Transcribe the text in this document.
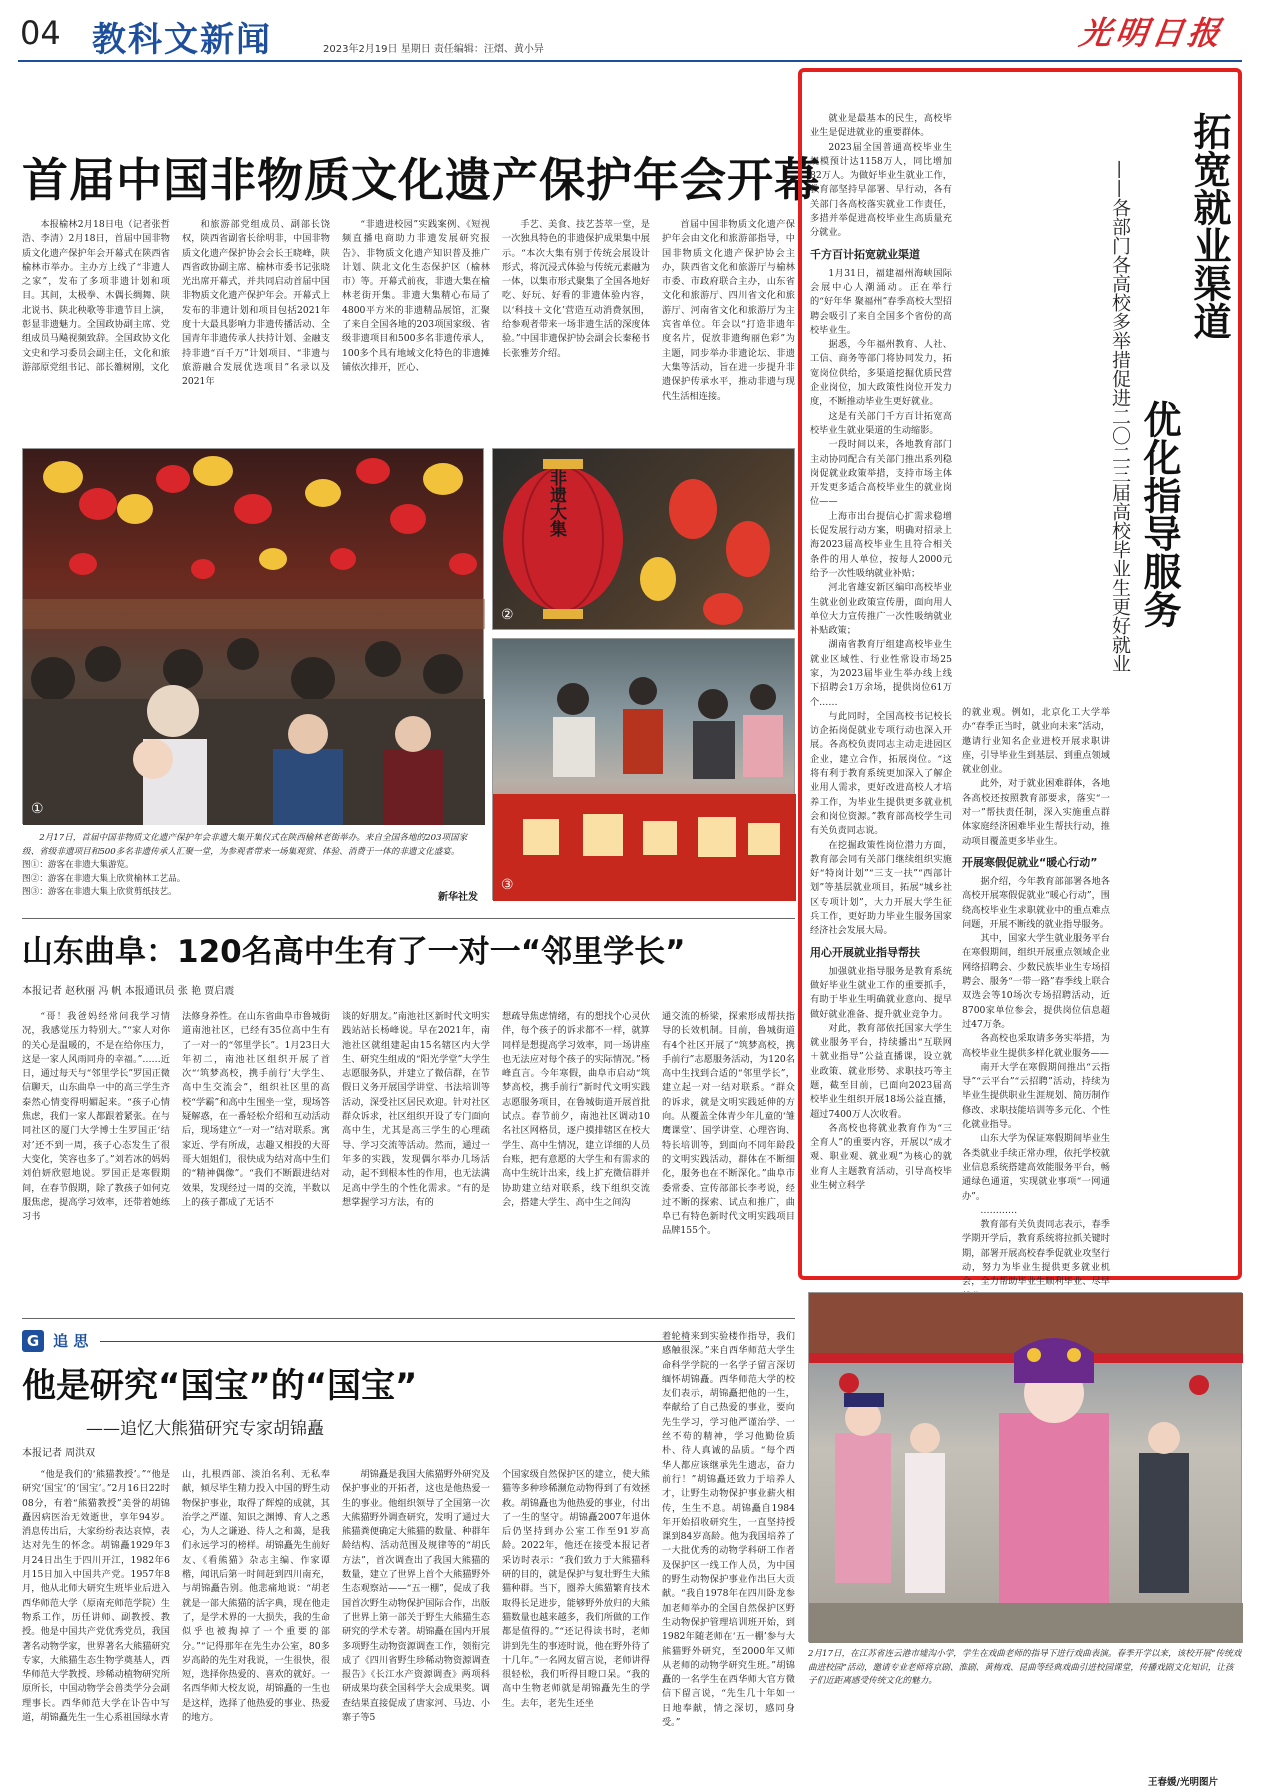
04 教科文新闻	2023年2月19日 星期日 责任编辑：汪熠、黄小异	光明日报
首届中国非物质文化遗产保护年会开幕

本报榆林2月18日电（记者张哲浩、李清）2月18日，首届中国非物质文化遗产保护年会开幕式在陕西省榆林市举办。主办方上线了“非遗人之家”，发布了多项非遗计划和项目。其间，太极拳、木偶长绸舞、陕北说书、陕北秧歌等非遗节目上演，彰显非遗魅力。全国政协副主席、党组成员马飚视频致辞。全国政协文化文史和学习委员会副主任，文化和旅游部原党组书记、部长雒树刚，文化

和旅游部党组成员、副部长饶权，陕西省副省长徐明非，中国非物质文化遗产保护协会会长王晓峰，陕西省政协副主席、榆林市委书记张晓光出席开幕式，并共同启动首届中国非物质文化遗产保护年会。开幕式上发布的非遗计划和项目包括2021年度十大最具影响力非遗传播活动、全国青年非遗传承人扶持计划、金融支持非遗“百千万”计划项目、“非遗与旅游融合发展优选项目”名录以及2021年

“非遗进校园”实践案例、《短视频直播电商助力非遗发展研究报告》、非物质文化遗产知识普及推广计划、陕北文化生态保护区（榆林市）等。开幕式前夜，非遗大集在榆林老街开集。非遗大集精心布局了4800平方米的非遗精品展馆，汇聚了来自全国各地的203项国家级、省级非遗项目和500多名非遗传承人，100多个具有地域文化特色的非遗摊铺依次排开，匠心、

手艺、美食、技艺荟萃一堂，是一次独具特色的非遗保护成果集中展示。“本次大集有别于传统会展设计形式，将沉浸式体验与传统元素融为一体，以集市形式聚集了全国各地好吃、好玩、好看的非遗体验内容，以‘科技＋文化’营造互动消费氛围，给参观者带来一场非遗生活的深度体验。”中国非遗保护协会副会长秦秘书长张雅芳介绍。

首届中国非物质文化遗产保护年会由文化和旅游部指导，中国非物质文化遗产保护协会主办，陕西省文化和旅游厅与榆林市委、市政府联合主办，山东省文化和旅游厅、四川省文化和旅游厅、河南省文化和旅游厅为主宾省单位。年会以“打造非遗年度名片，促放非遗绚丽色彩”为主题，同步举办非遗论坛、非遗大集等活动，旨在进一步提升非遗保护传承水平，推动非遗与现代生活相连接。

①
非遗大集
②
③
2月17日，首届中国非物质文化遗产保护年会非遗大集开集仪式在陕西榆林老街举办。来自全国各地的203项国家级、省级非遗项目和500多名非遗传承人汇聚一堂，为参观者带来一场集观赏、体验、消费于一体的非遗文化盛宴。
图①：游客在非遗大集游览。
图②：游客在非遗大集上欣赏榆林工艺品。
图③：游客在非遗大集上欣赏剪纸技艺。	新华社发
拓宽就业渠道
优化指导服务
——各部门各高校多举措促进二〇二三届高校毕业生更好就业

就业是最基本的民生，高校毕业生是促进就业的重要群体。

2023届全国普通高校毕业生规模预计达1158万人，同比增加82万人。为做好毕业生就业工作，教育部坚持早部署、早行动，各有关部门各高校落实就业工作责任，多措并举促进高校毕业生高质量充分就业。

千方百计拓宽就业渠道

1月31日，福建福州海峡国际会展中心人潮涌动。正在举行的“好年华 聚福州”春季高校大型招聘会吸引了来自全国多个省份的高校毕业生。

据悉，今年福州教育、人社、工信、商务等部门将协同发力，拓宽岗位供给，多渠道挖掘优质民营企业岗位，加大政策性岗位开发力度，不断推动毕业生更好就业。

这是有关部门千方百计拓宽高校毕业生就业渠道的生动缩影。

一段时间以来，各地教育部门主动协同配合有关部门推出系列稳岗促就业政策举措，支持市场主体开发更多适合高校毕业生的就业岗位——

上海市出台提信心扩需求稳增长促发展行动方案，明确对招录上海2023届高校毕业生且符合相关条件的用人单位，按每人2000元给予一次性吸纳就业补贴；

河北省雄安新区编印高校毕业生就业创业政策宣传册，面向用人单位大力宣传推广一次性吸纳就业补贴政策；

湖南省教育厅组建高校毕业生就业区域性、行业性常设市场25家，为2023届毕业生举办线上线下招聘会1万余场，提供岗位61万个……

与此同时，全国高校书记校长访企拓岗促就业专项行动也深入开展。各高校负责同志主动走进园区企业，建立合作，拓展岗位。“这将有利于教育系统更加深入了解企业用人需求，更好改进高校人才培养工作，为毕业生提供更多就业机会和岗位资源。”教育部高校学生司有关负责同志说。

在挖掘政策性岗位潜力方面，教育部会同有关部门继续组织实施好“特岗计划”“三支一扶”“西部计划”等基层就业项目，拓展“城乡社区专项计划”，大力开展大学生征兵工作，更好助力毕业生服务国家经济社会发展大局。

用心开展就业指导帮扶

加强就业指导服务是教育系统做好毕业生就业工作的重要抓手，有助于毕业生明确就业意向、提早做好就业准备、提升就业竞争力。

对此，教育部依托国家大学生就业服务平台，持续播出“互联网＋就业指导”公益直播课，设立就业政策、就业形势、求职技巧等主题，截至目前，已面向2023届高校毕业生组织开展18场公益直播，超过7400万人次收看。

各高校也将就业教育作为“三全育人”的重要内容，开展以“成才观、职业观、就业观”为核心的就业育人主题教育活动，引导高校毕业生树立科学

的就业观。例如，北京化工大学举办“春季正当时，就业向未来”活动，邀请行业知名企业进校开展求职讲座，引导毕业生到基层、到重点领域就业创业。

此外，对于就业困难群体，各地各高校还按照教育部要求，落实“一对一”帮扶责任制，深入实施重点群体家庭经济困难毕业生帮扶行动，推动项目覆盖更多毕业生。

开展寒假促就业“暖心行动”

据介绍，今年教育部部署各地各高校开展寒假促就业“暖心行动”，围绕高校毕业生求职就业中的重点难点问题，开展不断线的就业指导服务。

其中，国家大学生就业服务平台在寒假期间，组织开展重点领域企业网络招聘会、少数民族毕业生专场招聘会、服务“一带一路”春季线上联合双选会等10场次专场招聘活动，近8700家单位参会，提供岗位信息超过47万条。

各高校也采取请多务实举措，为高校毕业生提供多样化就业服务——

南开大学在寒假期间推出“云指导”“云平台”“云招聘”活动，持续为毕业生提供职业生涯规划、简历制作修改、求职技能培训等多元化、个性化就业指导。

山东大学为保证寒假期间毕业生各类就业手续正常办理，依托学校就业信息系统搭建高效能服务平台，畅通绿色通道，实现就业事项“一网通办”。

…………

教育部有关负责同志表示，春季学期开学后，教育系统将拉抓关键时期，部署开展高校春季促就业攻坚行动，努力为毕业生提供更多就业机会，全力帮助毕业生顺利毕业、尽早

山东曲阜：120名高中生有了一对一“邻里学长”
本报记者 赵秋丽 冯 帆 本报通讯员 张 艳 贾启震

“哥！我爸妈经常问我学习情况，我感觉压力特别大。”“家人对你的关心是温暖的，不是在给你压力，这是一家人风雨同舟的幸福。”……近日，通过每天与“邻里学长”罗国正微信聊天，山东曲阜一中的高三学生齐泰然心情变得明媚起来。“孩子心情焦虑，我们一家人都跟着紧张。在与同社区的厦门大学博士生罗国正‘结对’还不到一周，孩子心态发生了很大变化，笑容也多了。”刘若冰的妈妈刘伯妍欣慰地说。罗国正是寒假期间，在春节假期，除了教孩子如何克服焦虑，提高学习效率，还带着她练习书

法修身养性。在山东省曲阜市鲁城街道南池社区，已经有35位高中生有了一对一的“邻里学长”。1月23日大年初二，南池社区组织开展了首次“‘筑梦高校，携手前行’大学生、高中生交流会”，组织社区里的高校“学霸”和高中生围坐一堂，现场答疑解惑，在一番轻松介绍和互动活动后，现场建立“一对一”结对联系。寓家近、学有所成，志趣又相投的大哥哥大姐姐们，很快成为结对高中生们的“精神偶像”。“我们不断跟进结对效果，发现经过一周的交流，半数以上的孩子都成了无话不

谈的好朋友。”南池社区新时代文明实践站站长杨峰说。早在2021年，南池社区就组建起由15名辖区内大学生、研究生组成的“阳光学堂”大学生志愿服务队，并建立了微信群，在节假日义务开展国学讲堂、书法培训等活动，深受社区居民欢迎。针对社区群众诉求，社区组织开设了专门面向高中生，尤其是高三学生的心理疏导、学习交流等活动。然而，通过一年多的实践，发现偶尔举办几场活动，起不到根本性的作用，也无法满足高中学生的个性化需求。“有的是想掌握学习方法，有的

想疏导焦虑情绪，有的想找个心灵伙伴，每个孩子的诉求都不一样，就算同样是想提高学习效率，同一场讲座也无法应对每个孩子的实际情况。”杨峰直言。今年寒假，曲阜市启动“筑梦高校，携手前行”新时代文明实践志愿服务项目，在鲁城街道开展首批试点。春节前夕，南池社区调动10名社区网格员，逐户摸排辖区在校大学生、高中生情况，建立详细的人员台账，把有意愿的大学生和有需求的高中生统计出来，线上扩充微信群并协助建立结对联系，线下组织交流会，搭建大学生、高中生之间沟

通交流的桥梁，探索形成帮扶指导的长效机制。目前，鲁城街道有4个社区开展了“筑梦高校，携手前行”志愿服务活动，为120名高中生找到合适的“邻里学长”，建立起一对一结对联系。“群众的诉求，就是文明实践延伸的方向。从覆盖全体青少年儿童的‘雏鹰课堂’、国学讲堂、心理咨询、特长培训等，到面向不同年龄段的文明实践活动，群体在不断细化，服务也在不断深化。”曲阜市委常委、宣传部部长李考说，经过不断的探索、试点和推广，曲阜已有特色新时代文明实践项目品牌155个。

G 追 思
他是研究“国宝”的“国宝”
——追忆大熊猫研究专家胡锦矗
本报记者 周洪双

“他是我们的‘熊猫教授’。”“他是研究‘国宝’的‘国宝’。”2月16日22时08分，有着“熊猫教授”美誉的胡锦矗因病医治无效逝世，享年94岁。消息传出后，大家纷纷表达哀悼，表达对先生的怀念。胡锦矗1929年3月24日出生于四川开江，1982年6月15日加入中国共产党。1957年8月，他从北师大研究生班毕业后进入西华师范大学（原南充师范学院）生物系工作，历任讲师、副教授、教授。他是中国共产党优秀党员，我国著名动物学家，世界著名大熊猫研究专家，大熊猫生态生物学奠基人，西华师范大学教授、珍稀动植物研究所原所长，中国动物学会兽类学分会副理事长。西华师范大学在讣告中写道，胡锦矗先生一生心系祖国绿水青

山，扎根西部、淡泊名利、无私奉献，倾尽毕生精力投入中国的野生动物保护事业，取得了辉煌的成就，其治学之严谨、知识之渊博、育人之悉心，为人之谦逊、待人之和蔼，是我们永远学习的榜样。胡锦矗先生前好友、《看熊猫》杂志主编、作家谭楷，闻讯后第一时间赶到四川南充，与胡锦矗告别。他悲痛地说：“胡老就是一部大熊猫的活字典，现在他走了，是学术界的一大损失，我的生命似乎也被掏掉了一个重要的部分。”“记得那年在先生办公室，80多岁高龄的先生对我说，一生很快，很短，选择你热爱的、喜欢的就好。一名西华师大校友说，胡锦矗的一生也是这样，选择了他热爱的事业、热爱的地方。

胡锦矗是我国大熊猫野外研究及保护事业的开拓者，这也是他热爱一生的事业。他组织领导了全国第一次大熊猫野外调查研究，发明了通过大熊猫粪便确定大熊猫的数量、种群年龄结构、活动范围及规律等的“胡氏方法”，首次调查出了我国大熊猫的数量，建立了世界上首个大熊猫野外生态观察站——“五一棚”，促成了我国首次野生动物保护国际合作，出版了世界上第一部关于野生大熊猫生态研究的学术专著。胡锦矗在国内开展多项野生动物资源调查工作，领衔完成了《四川省野生珍稀动物资源调查报告》《长江水产资源调查》两项科研成果均获全国科学大会成果奖。调查结果直接促成了唐家河、马边、小寨子等5

个国家级自然保护区的建立，使大熊猫等多种珍稀濒危动物得到了有效拯救。胡锦矗也为他热爱的事业，付出了一生的坚守。胡锦矗2007年退休后仍坚持到办公室工作至91岁高龄。2022年，他还在接受本报记者采访时表示：“我们致力于大熊猫科研的目的，就是保护与复壮野生大熊猫种群。当下，圈养大熊猫繁育技术取得长足进步，能够野外放归的大熊猫数量也越来越多，我们所做的工作都是值得的。”“还记得读书时，老师讲到先生的事迹时说，他在野外待了十几年。”一名网友留言说，老师讲得很轻松，我们听得目瞪口呆。“我的高中生物老师就是胡锦矗先生的学生。去年，老先生还坐

着轮椅来到实验楼作指导，我们感触很深。”来自西华师范大学生命科学学院的一名学子留言深切缅怀胡锦矗。西华师范大学的校友们表示，胡锦矗把他的一生，奉献给了自己热爱的事业，要向先生学习，学习他严谨治学、一丝不苟的精神，学习他勤俭质朴、待人真诚的品质。“每个西华人都应该继承先生遗志，奋力前行！”胡锦矗还致力于培养人才，让野生动物保护事业薪火相传，生生不息。胡锦矗自1984年开始招收研究生，一直坚持授课到84岁高龄。他为我国培养了一大批优秀的动物学科研工作者及保护区一线工作人员，为中国的野生动物保护事业作出巨大贡献。“我自1978年在四川卧龙参加老师举办的全国自然保护区野生动物保护管理培训班开始，到1982年随老师在‘五一棚’参与大熊猫野外研究，至2000年又师从老师的动物学研究生班。”胡锦矗的一名学生在西华师大官方微信下留言说，“先生几十年如一日地奉献，情之深切，感同身受。”

2月17日，在江苏省连云港市墟沟小学，学生在戏曲老师的指导下进行戏曲表演。春季开学以来，该校开展“传统戏曲进校园”活动，邀请专业老师将京剧、淮剧、黄梅戏、昆曲等经典戏曲引进校园课堂，传播戏剧文化知识，让孩子们近距离感受传统文化的魅力。
王春媛/光明图片
